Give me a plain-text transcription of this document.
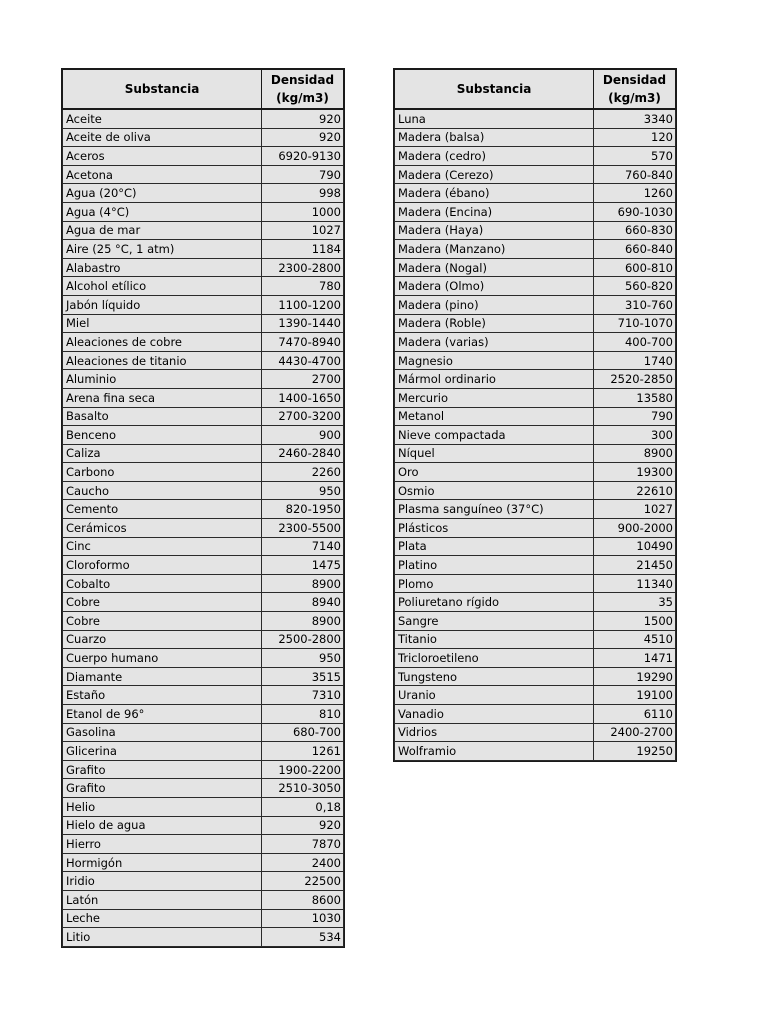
Substancia	Densidad
(kg/m3)
Aceite	920
Aceite de oliva	920
Aceros	6920-9130
Acetona	790
Agua (20°C)	998
Agua (4°C)	1000
Agua de mar	1027
Aire (25 °C, 1 atm)	1184
Alabastro	2300-2800
Alcohol etílico	780
Jabón líquido	1100-1200
Miel	1390-1440
Aleaciones de cobre	7470-8940
Aleaciones de titanio	4430-4700
Aluminio	2700
Arena fina seca	1400-1650
Basalto	2700-3200
Benceno	900
Caliza	2460-2840
Carbono	2260
Caucho	950
Cemento	820-1950
Cerámicos	2300-5500
Cinc	7140
Cloroformo	1475
Cobalto	8900
Cobre	8940
Cobre	8900
Cuarzo	2500-2800
Cuerpo humano	950
Diamante	3515
Estaño	7310
Etanol de 96°	810
Gasolina	680-700
Glicerina	1261
Grafito	1900-2200
Grafito	2510-3050
Helio	0,18
Hielo de agua	920
Hierro	7870
Hormigón	2400
Iridio	22500
Latón	8600
Leche	1030
Litio	534
Substancia	Densidad
(kg/m3)
Luna	3340
Madera (balsa)	120
Madera (cedro)	570
Madera (Cerezo)	760-840
Madera (ébano)	1260
Madera (Encina)	690-1030
Madera (Haya)	660-830
Madera (Manzano)	660-840
Madera (Nogal)	600-810
Madera (Olmo)	560-820
Madera (pino)	310-760
Madera (Roble)	710-1070
Madera (varias)	400-700
Magnesio	1740
Mármol ordinario	2520-2850
Mercurio	13580
Metanol	790
Nieve compactada	300
Níquel	8900
Oro	19300
Osmio	22610
Plasma sanguíneo (37°C)	1027
Plásticos	900-2000
Plata	10490
Platino	21450
Plomo	11340
Poliuretano rígido	35
Sangre	1500
Titanio	4510
Tricloroetileno	1471
Tungsteno	19290
Uranio	19100
Vanadio	6110
Vidrios	2400-2700
Wolframio	19250
